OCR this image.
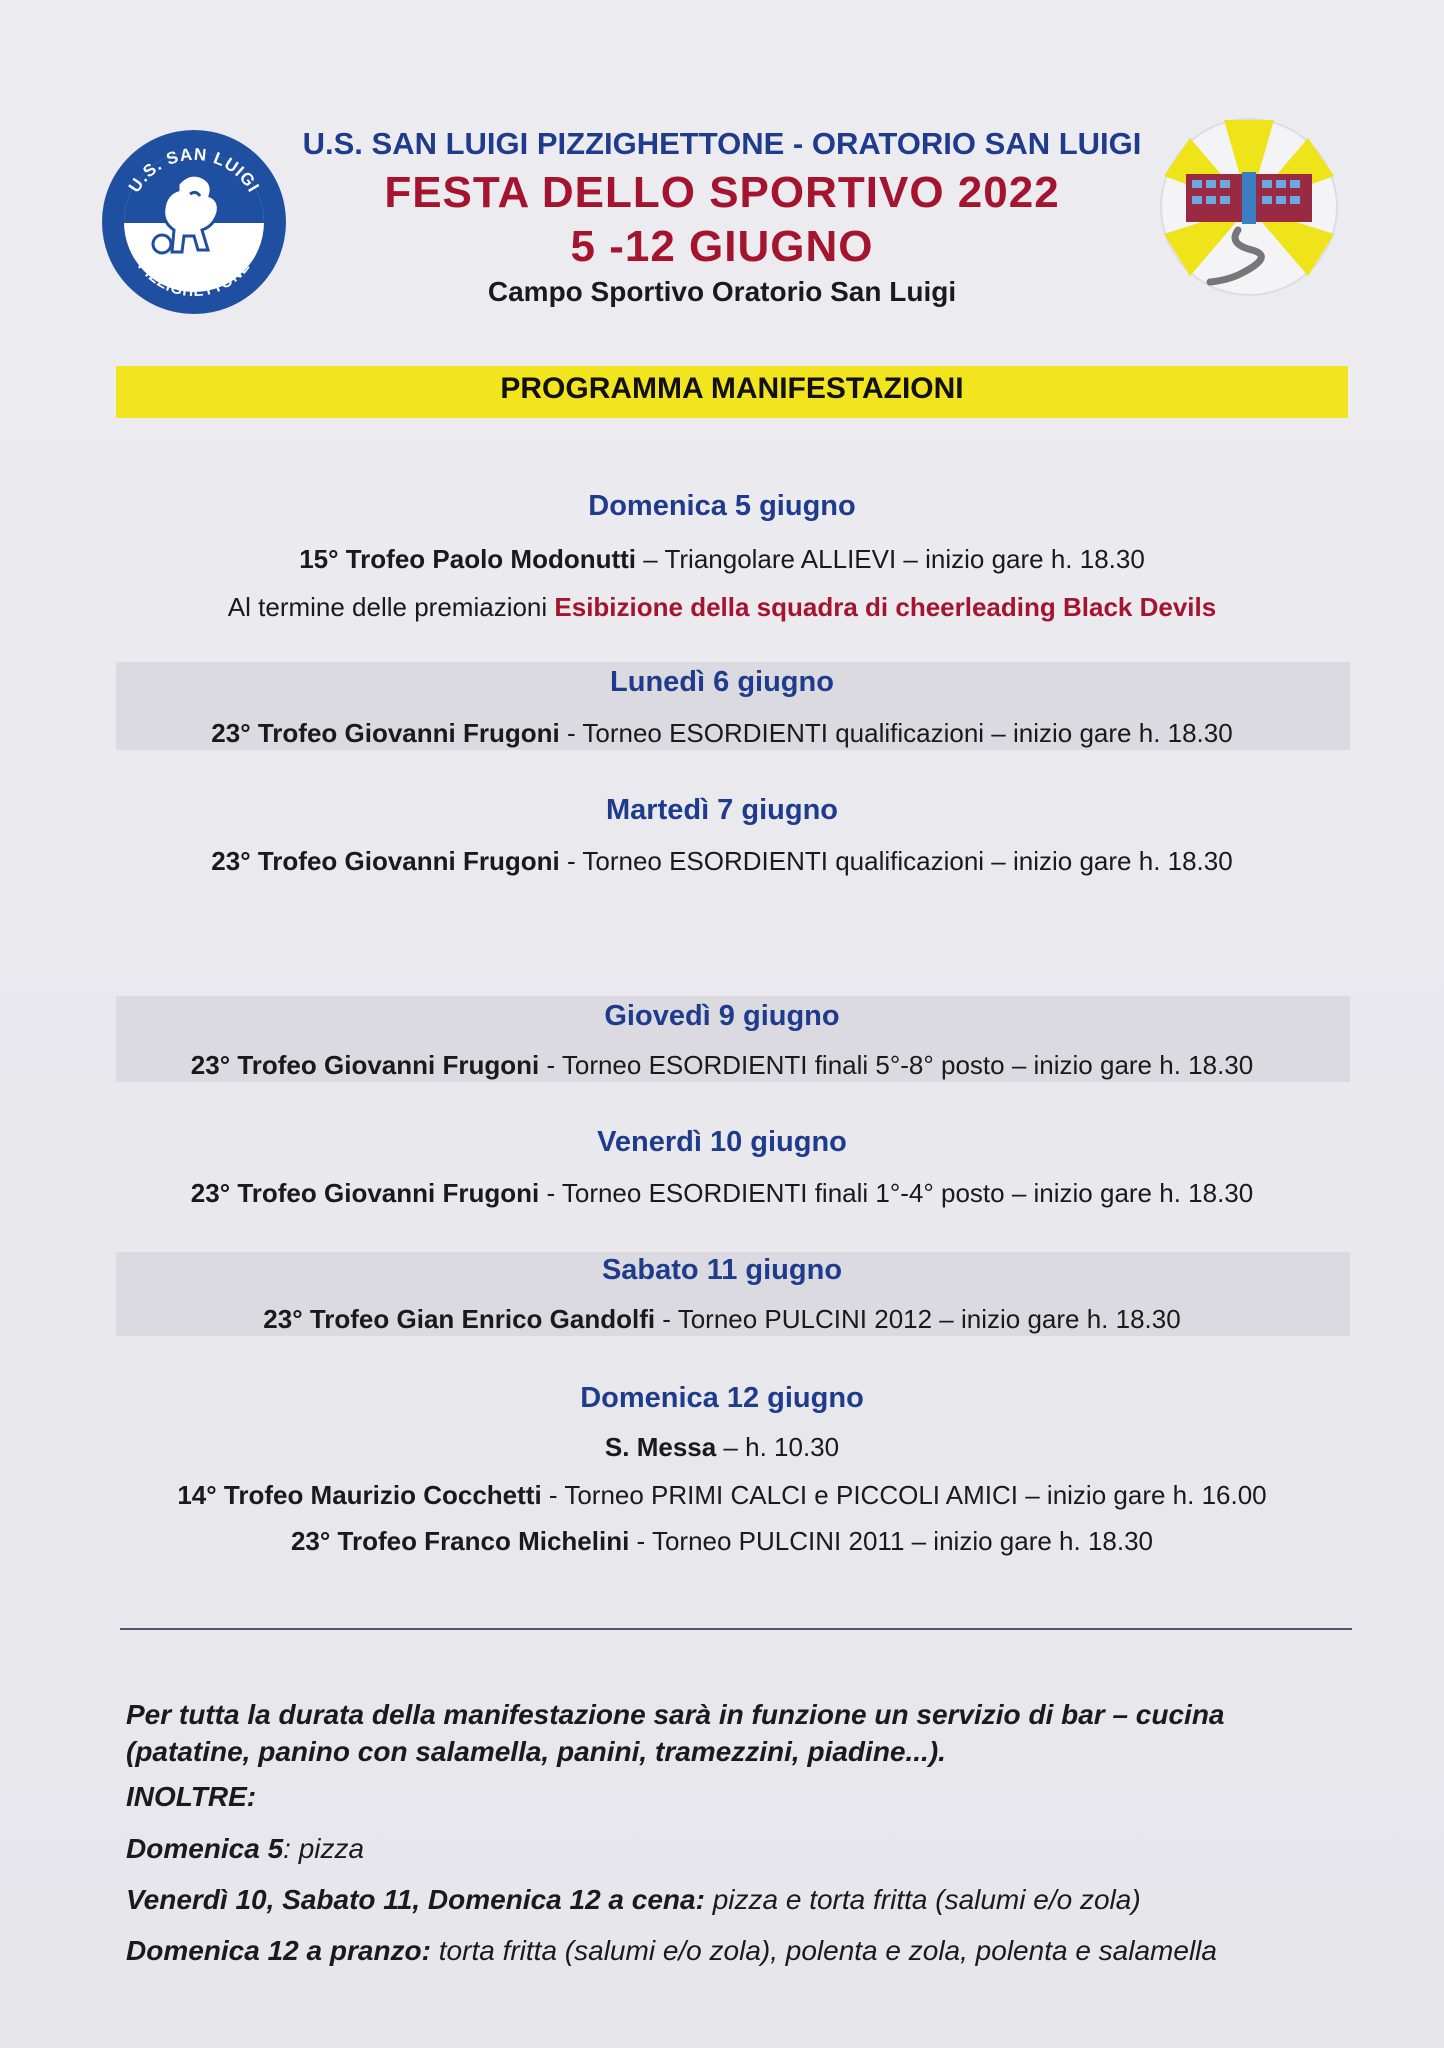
U.S. SAN LUIGI
PIZZIGHETTONE
U.S. SAN LUIGI PIZZIGHETTONE - ORATORIO SAN LUIGI
FESTA DELLO SPORTIVO 2022
5 -12 GIUGNO
Campo Sportivo Oratorio San Luigi
PROGRAMMA MANIFESTAZIONI
Domenica 5 giugno
15° Trofeo Paolo Modonutti – Triangolare ALLIEVI – inizio gare h. 18.30
Al termine delle premiazioni Esibizione della squadra di cheerleading Black Devils
Lunedì 6 giugno
23° Trofeo Giovanni Frugoni - Torneo ESORDIENTI qualificazioni – inizio gare h. 18.30
Martedì 7 giugno
23° Trofeo Giovanni Frugoni - Torneo ESORDIENTI qualificazioni – inizio gare h. 18.30
Giovedì 9 giugno
23° Trofeo Giovanni Frugoni - Torneo ESORDIENTI finali 5°-8° posto – inizio gare h. 18.30
Venerdì 10 giugno
23° Trofeo Giovanni Frugoni - Torneo ESORDIENTI finali 1°-4° posto – inizio gare h. 18.30
Sabato 11 giugno
23° Trofeo Gian Enrico Gandolfi - Torneo PULCINI 2012 – inizio gare h. 18.30
Domenica 12 giugno
S. Messa – h. 10.30
14° Trofeo Maurizio Cocchetti - Torneo PRIMI CALCI e PICCOLI AMICI – inizio gare h. 16.00
23° Trofeo Franco Michelini - Torneo PULCINI 2011 – inizio gare h. 18.30
Per tutta la durata della manifestazione sarà in funzione un servizio di bar – cucina
(patatine, panino con salamella, panini, tramezzini, piadine...).
INOLTRE:
Domenica 5: pizza
Venerdì 10, Sabato 11, Domenica 12 a cena: pizza e torta fritta (salumi e/o zola)
Domenica 12 a pranzo: torta fritta (salumi e/o zola), polenta e zola, polenta e salamella
